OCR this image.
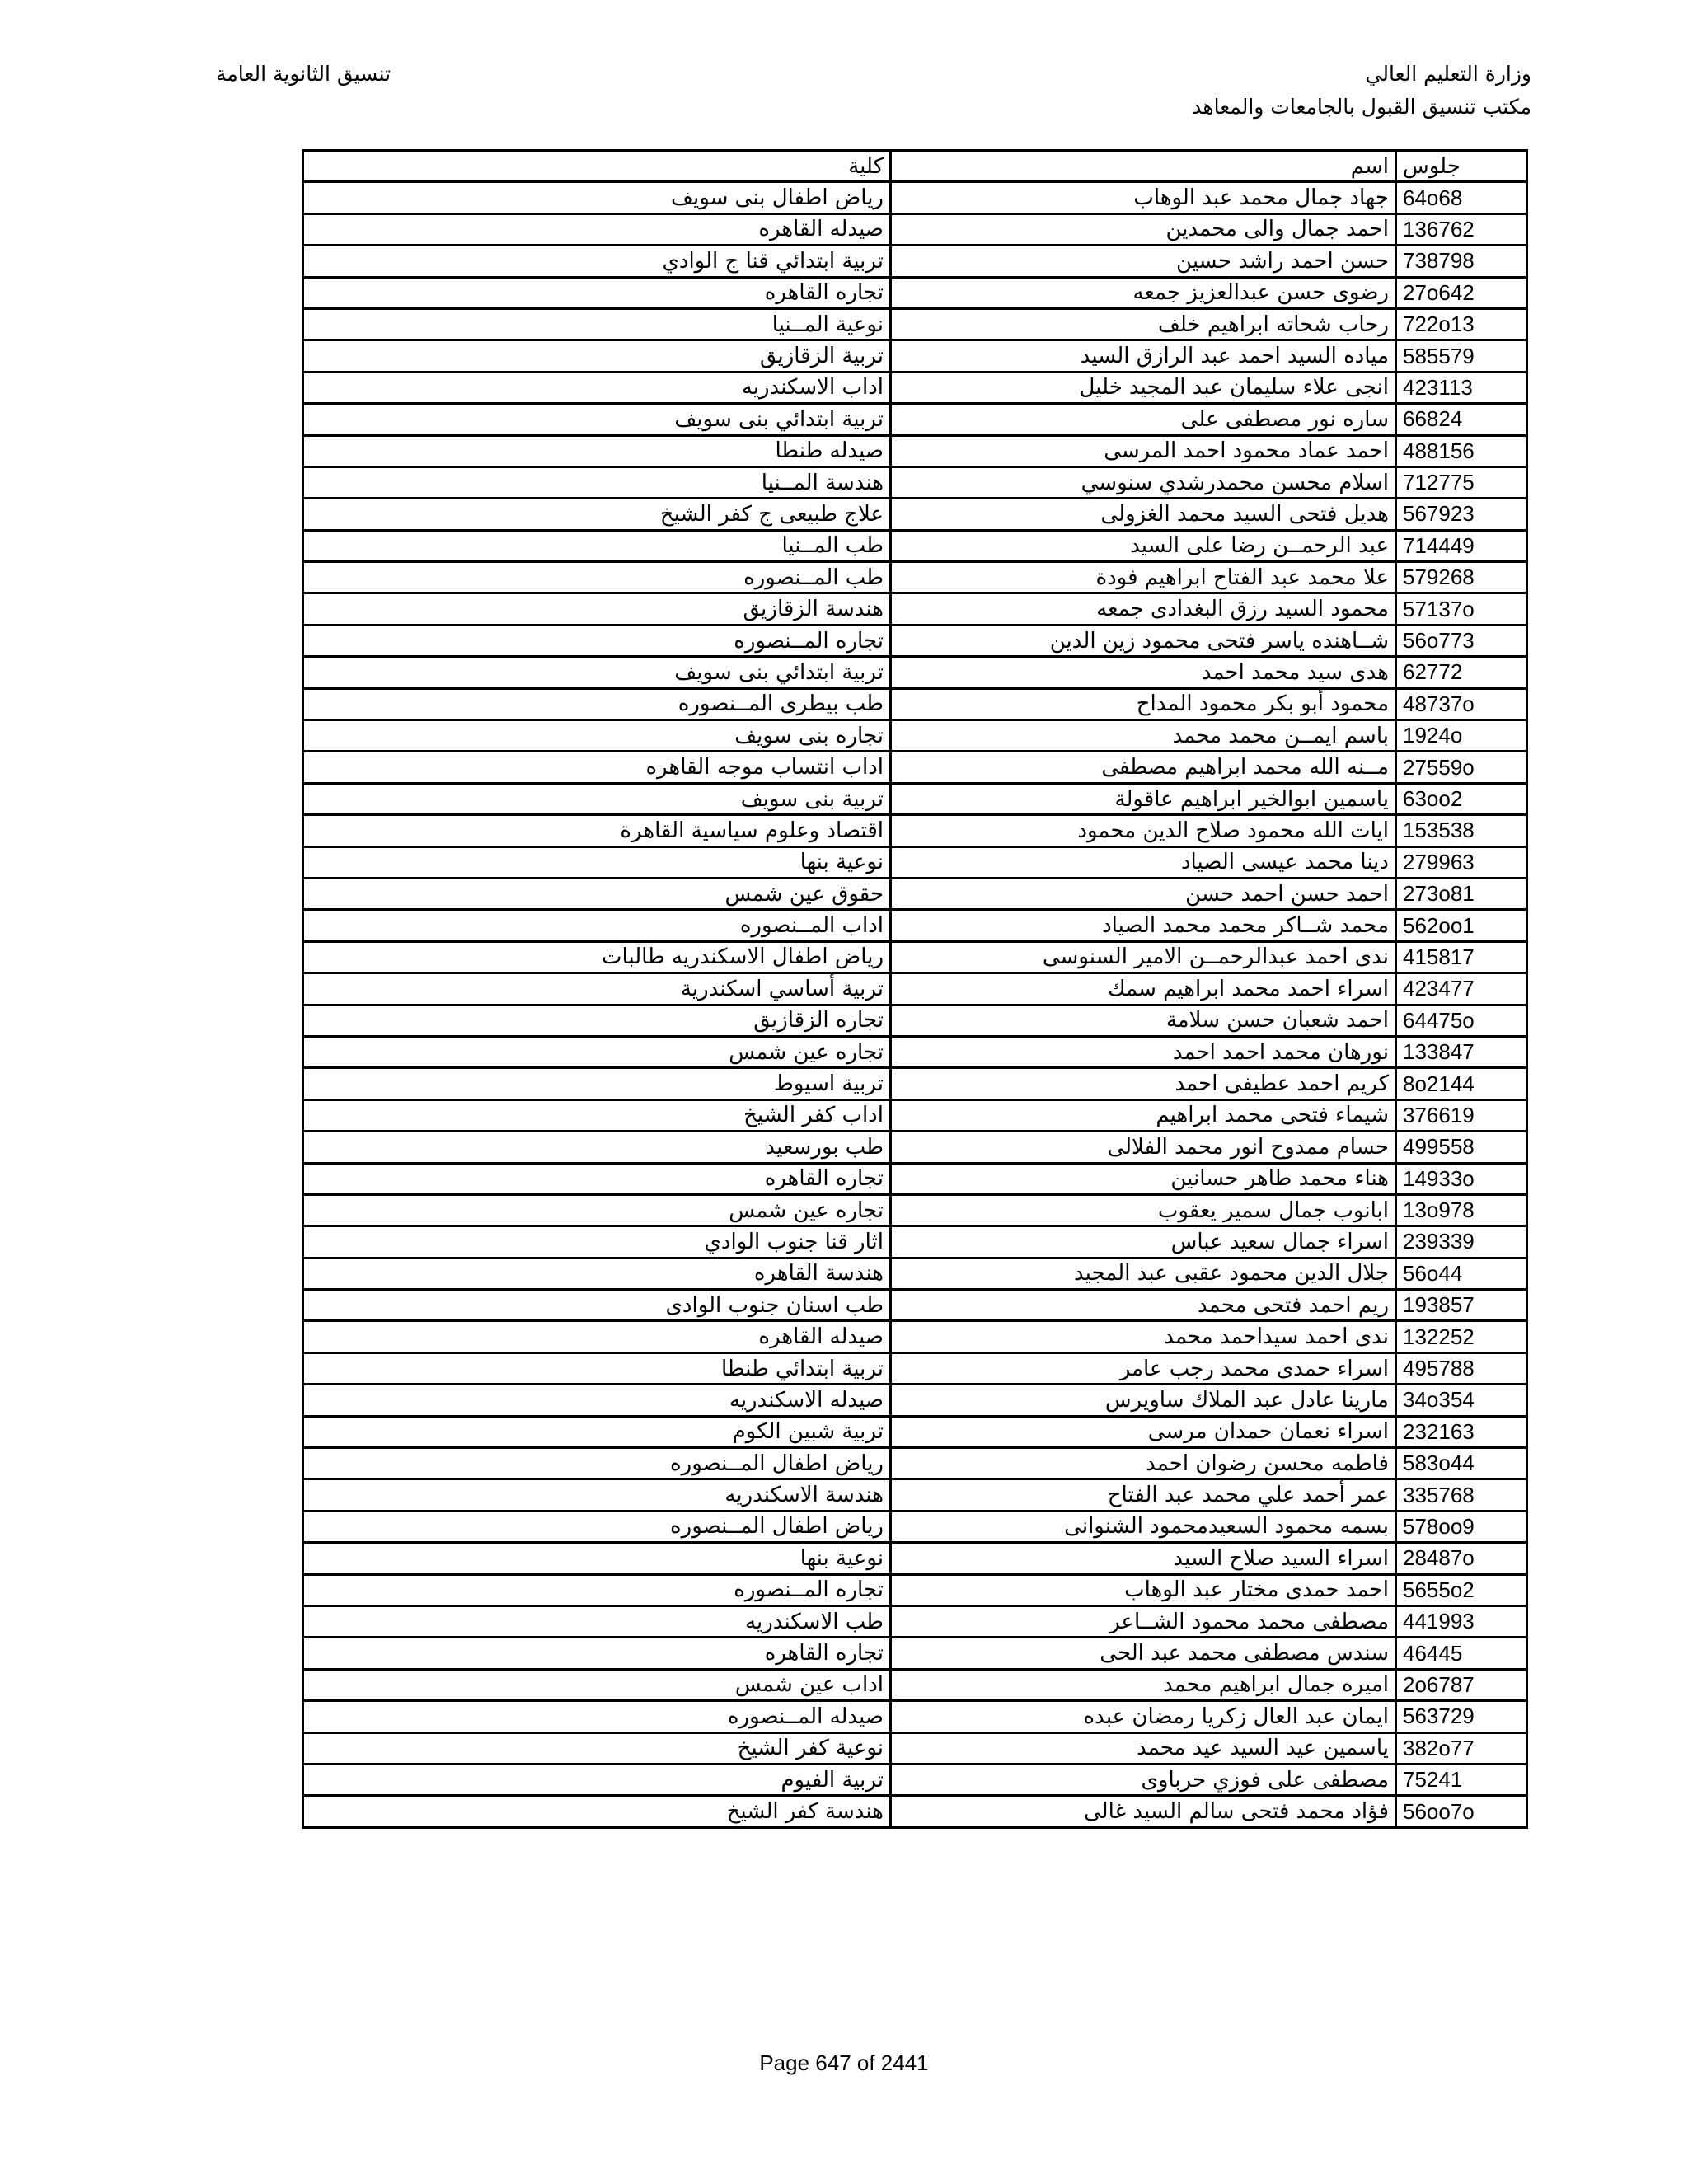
وزارة التعليم العالي
مكتب تنسيق القبول بالجامعات والمعاهد
تنسيق الثانوية العامة
كلية	اسم	جلوس
رياض اطفال بنى سويف	جهاد جمال محمد عبد الوهاب	64o68
صيدله القاهره	احمد جمال والى محمدين	136762
تربية ابتدائي قنا ج الوادي	حسن احمد راشد حسين	738798
تجاره القاهره	رضوى حسن عبدالعزيز جمعه	27o642
نوعية المــنيا	رحاب شحاته ابراهيم خلف	722o13
تربية الزقازيق	مياده السيد احمد عبد الرازق السيد	585579
اداب الاسكندريه	انجى علاء سليمان عبد المجيد خليل	423113
تربية ابتدائي بنى سويف	ساره نور مصطفى على	66824
صيدله طنطا	احمد عماد محمود احمد المرسى	488156
هندسة المــنيا	اسلام محسن محمدرشدي سنوسي	712775
علاج طبيعى ج كفر الشيخ	هديل فتحى السيد محمد الغزولى	567923
طب المــنيا	عبد الرحمــن رضا على السيد	714449
طب المــنصوره	علا محمد عبد الفتاح ابراهيم فودة	579268
هندسة الزقازيق	محمود السيد رزق البغدادى جمعه	57137o
تجاره المــنصوره	شــاهنده ياسر فتحى محمود زين الدين	56o773
تربية ابتدائي بنى سويف	هدى سيد محمد احمد	62772
طب بيطرى المــنصوره	محمود أبو بكر محمود المداح	48737o
تجاره بنى سويف	باسم ايمــن محمد محمد	1924o
اداب انتساب موجه القاهره	مــنه الله محمد ابراهيم مصطفى	27559o
تربية بنى سويف	ياسمين ابوالخير ابراهيم عاقولة	63oo2
اقتصاد وعلوم سياسية القاهرة	ايات الله محمود صلاح الدين محمود	153538
نوعية بنها	دينا محمد عيسى الصياد	279963
حقوق عين شمس	احمد حسن احمد حسن	273o81
اداب المــنصوره	محمد شــاكر محمد محمد الصياد	562oo1
رياض اطفال الاسكندريه طالبات	ندى احمد عبدالرحمــن الامير السنوسى	415817
تربية أساسي اسكندرية	اسراء احمد محمد ابراهيم سمك	423477
تجاره الزقازيق	احمد شعبان حسن سلامة	64475o
تجاره عين شمس	نورهان محمد احمد احمد	133847
تربية اسيوط	كريم احمد عطيفى احمد	8o2144
اداب كفر الشيخ	شيماء فتحى محمد ابراهيم	376619
طب بورسعيد	حسام ممدوح انور محمد الفلالى	499558
تجاره القاهره	هناء محمد طاهر حسانين	14933o
تجاره عين شمس	ابانوب جمال سمير يعقوب	13o978
اثار قنا جنوب الوادي	اسراء جمال سعيد عباس	239339
هندسة القاهره	جلال الدين محمود عقبى عبد المجيد	56o44
طب اسنان جنوب الوادى	ريم احمد فتحى محمد	193857
صيدله القاهره	ندى احمد سيداحمد محمد	132252
تربية ابتدائي طنطا	اسراء حمدى محمد رجب عامر	495788
صيدله الاسكندريه	مارينا عادل عبد الملاك ساويرس	34o354
تربية شبين الكوم	اسراء نعمان حمدان مرسى	232163
رياض اطفال المــنصوره	فاطمه محسن رضوان احمد	583o44
هندسة الاسكندريه	عمر أحمد علي محمد عبد الفتاح	335768
رياض اطفال المــنصوره	بسمه محمود السعيدمحمود الشنوانى	578oo9
نوعية بنها	اسراء السيد صلاح السيد	28487o
تجاره المــنصوره	احمد حمدى مختار عبد الوهاب	5655o2
طب الاسكندريه	مصطفى محمد محمود الشــاعر	441993
تجاره القاهره	سندس مصطفى محمد عبد الحى	46445
اداب عين شمس	اميره جمال ابراهيم محمد	2o6787
صيدله المــنصوره	ايمان عبد العال زكريا رمضان عبده	563729
نوعية كفر الشيخ	ياسمين عيد السيد عيد محمد	382o77
تربية الفيوم	مصطفى على فوزي حرباوى	75241
هندسة كفر الشيخ	فؤاد محمد فتحى سالم السيد غالى	56oo7o
Page 647 of 2441
